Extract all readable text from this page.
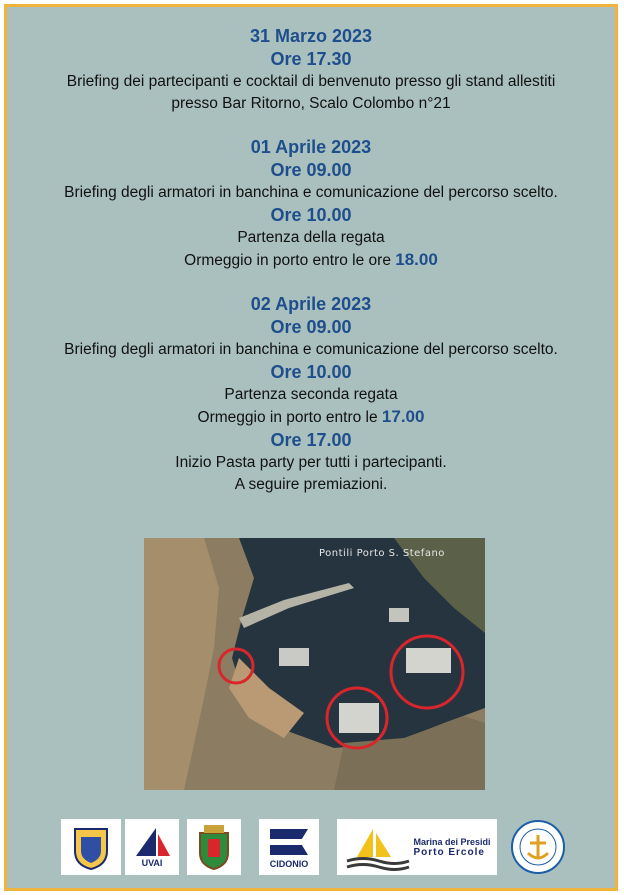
31 Marzo 2023
Ore 17.30
Briefing dei partecipanti e cocktail di benvenuto presso gli stand allestiti
presso Bar Ritorno, Scalo Colombo n°21
01 Aprile 2023
Ore 09.00
Briefing degli armatori in banchina e comunicazione del percorso scelto.
Ore 10.00
Partenza della regata
Ormeggio in porto entro le ore 18.00
02 Aprile 2023
Ore 09.00
Briefing degli armatori in banchina e comunicazione del percorso scelto.
Ore 10.00
Partenza seconda regata
Ormeggio in porto entro le 17.00
Ore 17.00
Inizio Pasta party per tutti i partecipanti.
A seguire premiazioni.
Pontili Porto S. Stefano
UVAI	CIDONIO
Marina dei Presidi
Porto Ercole
